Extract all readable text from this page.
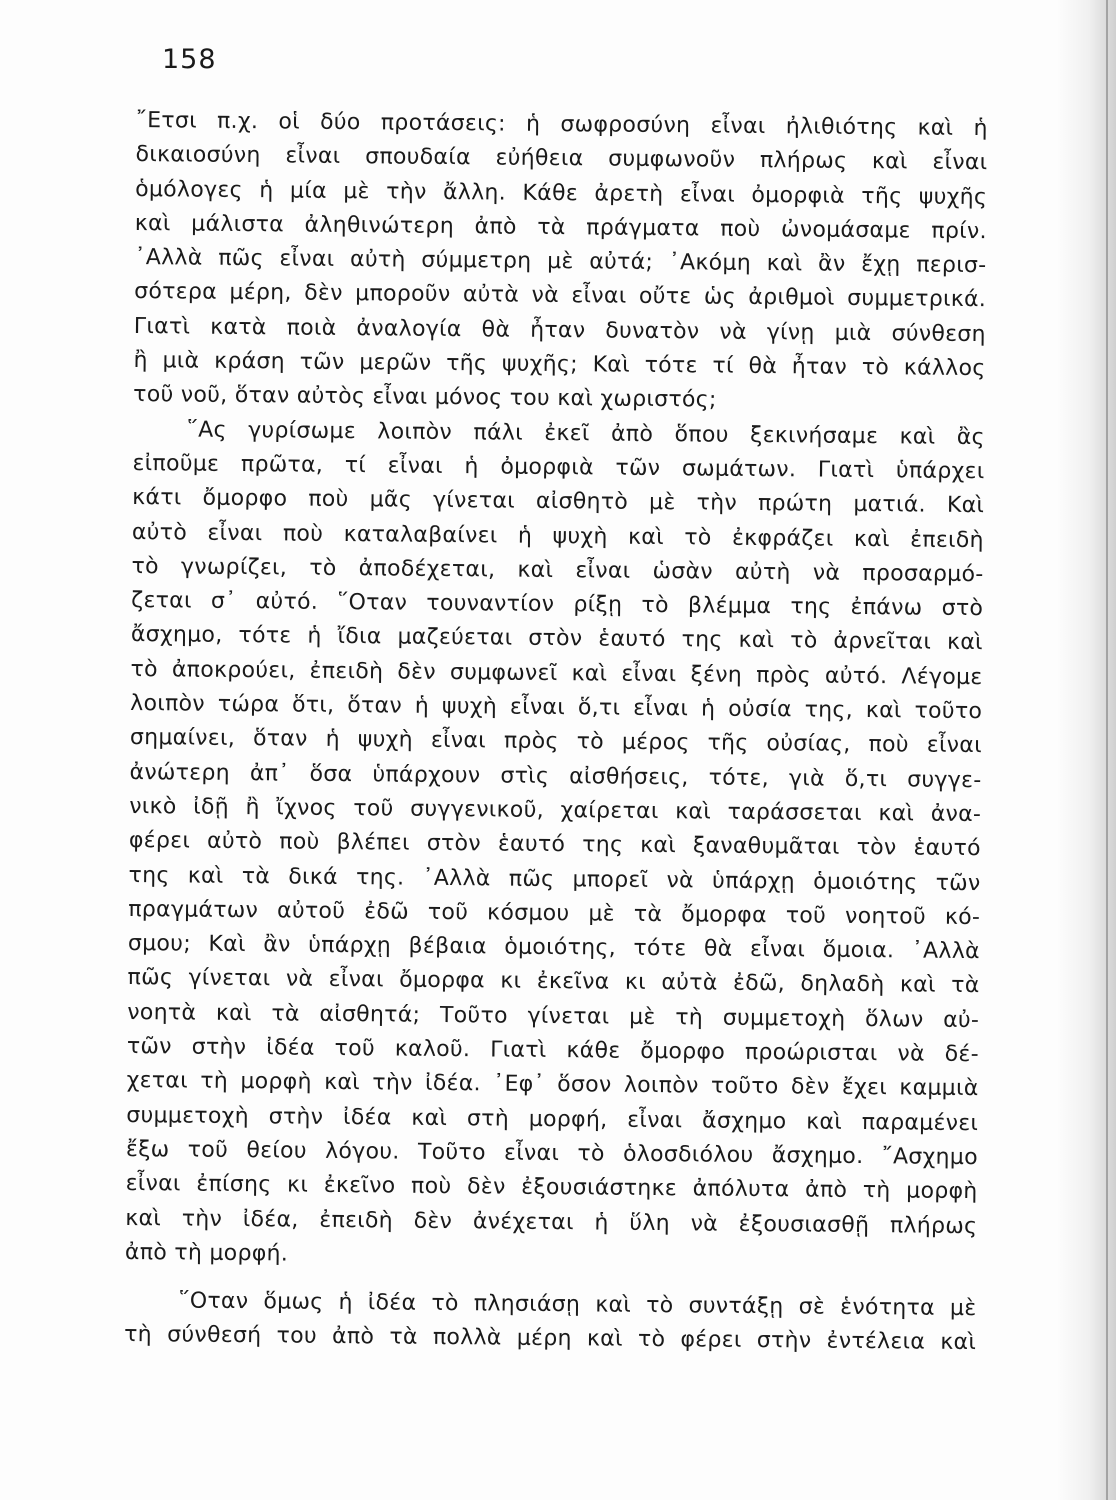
158
῎Ετσι π.χ. οἱ δύο προτάσεις: ἡ σωφροσύνη εἶναι ἠλιθιότης καὶ ἡ
δικαιοσύνη εἶναι σπουδαία εὐήθεια συμφωνοῦν πλήρως καὶ εἶναι
ὁμόλογες ἡ μία μὲ τὴν ἄλλη. Κάθε ἀρετὴ εἶναι ὀμορφιὰ τῆς ψυχῆς
καὶ μάλιστα ἀληθινώτερη ἀπὸ τὰ πράγματα ποὺ ὠνομάσαμε πρίν.
᾿Αλλὰ πῶς εἶναι αὐτὴ σύμμετρη μὲ αὐτά; ᾿Ακόμη καὶ ἂν ἔχῃ περισ-
σότερα μέρη, δὲν μποροῦν αὐτὰ νὰ εἶναι οὔτε ὡς ἀριθμοὶ συμμετρικά.
Γιατὶ κατὰ ποιὰ ἀναλογία θὰ ἦταν δυνατὸν νὰ γίνῃ μιὰ σύνθεση
ἢ μιὰ κράση τῶν μερῶν τῆς ψυχῆς; Καὶ τότε τί θὰ ἦταν τὸ κάλλος
τοῦ νοῦ, ὅταν αὐτὸς εἶναι μόνος του καὶ χωριστός;
῞Ας γυρίσωμε λοιπὸν πάλι ἐκεῖ ἀπὸ ὅπου ξεκινήσαμε καὶ ἂς
εἰποῦμε πρῶτα, τί εἶναι ἡ ὀμορφιὰ τῶν σωμάτων. Γιατὶ ὑπάρχει
κάτι ὄμορφο ποὺ μᾶς γίνεται αἰσθητὸ μὲ τὴν πρώτη ματιά. Καὶ
αὐτὸ εἶναι ποὺ καταλαβαίνει ἡ ψυχὴ καὶ τὸ ἐκφράζει καὶ ἐπειδὴ
τὸ γνωρίζει, τὸ ἀποδέχεται, καὶ εἶναι ὡσὰν αὐτὴ νὰ προσαρμό-
ζεται σ᾿ αὐτό. ῞Οταν τουναντίον ρίξῃ τὸ βλέμμα της ἐπάνω στὸ
ἄσχημο, τότε ἡ ἴδια μαζεύεται στὸν ἑαυτό της καὶ τὸ ἀρνεῖται καὶ
τὸ ἀποκρούει, ἐπειδὴ δὲν συμφωνεῖ καὶ εἶναι ξένη πρὸς αὐτό. Λέγομε
λοιπὸν τώρα ὅτι, ὅταν ἡ ψυχὴ εἶναι ὅ,τι εἶναι ἡ οὐσία της, καὶ τοῦτο
σημαίνει, ὅταν ἡ ψυχὴ εἶναι πρὸς τὸ μέρος τῆς οὐσίας, ποὺ εἶναι
ἀνώτερη ἀπ᾿ ὅσα ὑπάρχουν στὶς αἰσθήσεις, τότε, γιὰ ὅ,τι συγγε-
νικὸ ἰδῇ ἢ ἴχνος τοῦ συγγενικοῦ, χαίρεται καὶ ταράσσεται καὶ ἀνα-
φέρει αὐτὸ ποὺ βλέπει στὸν ἑαυτό της καὶ ξαναθυμᾶται τὸν ἑαυτό
της καὶ τὰ δικά της. ᾿Αλλὰ πῶς μπορεῖ νὰ ὑπάρχῃ ὁμοιότης τῶν
πραγμάτων αὐτοῦ ἐδῶ τοῦ κόσμου μὲ τὰ ὄμορφα τοῦ νοητοῦ κό-
σμου; Καὶ ἂν ὑπάρχῃ βέβαια ὁμοιότης, τότε θὰ εἶναι ὅμοια. ᾿Αλλὰ
πῶς γίνεται νὰ εἶναι ὄμορφα κι ἐκεῖνα κι αὐτὰ ἐδῶ, δηλαδὴ καὶ τὰ
νοητὰ καὶ τὰ αἰσθητά; Τοῦτο γίνεται μὲ τὴ συμμετοχὴ ὅλων αὐ-
τῶν στὴν ἰδέα τοῦ καλοῦ. Γιατὶ κάθε ὄμορφο προώρισται νὰ δέ-
χεται τὴ μορφὴ καὶ τὴν ἰδέα. ᾿Εφ᾿ ὅσον λοιπὸν τοῦτο δὲν ἔχει καμμιὰ
συμμετοχὴ στὴν ἰδέα καὶ στὴ μορφή, εἶναι ἄσχημο καὶ παραμένει
ἔξω τοῦ θείου λόγου. Τοῦτο εἶναι τὸ ὁλοσδιόλου ἄσχημο. ῎Ασχημο
εἶναι ἐπίσης κι ἐκεῖνο ποὺ δὲν ἐξουσιάστηκε ἀπόλυτα ἀπὸ τὴ μορφὴ
καὶ τὴν ἰδέα, ἐπειδὴ δὲν ἀνέχεται ἡ ὕλη νὰ ἐξουσιασθῇ πλήρως
ἀπὸ τὴ μορφή.
῞Οταν ὅμως ἡ ἰδέα τὸ πλησιάσῃ καὶ τὸ συντάξῃ σὲ ἑνότητα μὲ
τὴ σύνθεσή του ἀπὸ τὰ πολλὰ μέρη καὶ τὸ φέρει στὴν ἐντέλεια καὶ
